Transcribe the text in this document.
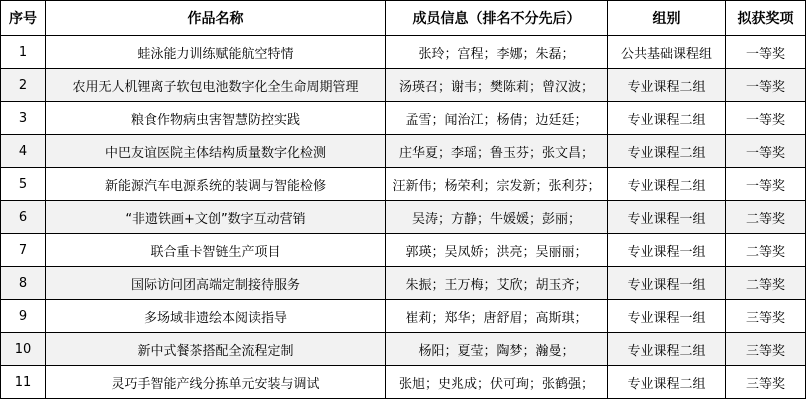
序号	作品名称	成员信息（排名不分先后）	组别	拟获奖项
1	蛙泳能力训练赋能航空特情	张玲；宫程；李娜；朱磊；	公共基础课程组	一等奖
2	农用无人机锂离子软包电池数字化全生命周期管理	汤瑛召；谢韦；樊陈莉；曾汉波；	专业课程二组	一等奖
3	粮食作物病虫害智慧防控实践	孟雪；闻治江；杨倩；边廷廷；	专业课程二组	一等奖
4	中巴友谊医院主体结构质量数字化检测	庄华夏；李瑶；鲁玉芬；张文昌；	专业课程二组	一等奖
5	新能源汽车电源系统的装调与智能检修	汪新伟；杨荣利；宗发新；张利芬；	专业课程二组	一等奖
6	“非遗铁画+文创”数字互动营销	吴涛；方静；牛媛媛；彭丽；	专业课程一组	二等奖
7	联合重卡智链生产项目	郭瑛；吴凤娇；洪亮；吴丽丽；	专业课程一组	二等奖
8	国际访问团高端定制接待服务	朱振；王万梅；艾欣；胡玉齐；	专业课程一组	二等奖
9	多场域非遗绘本阅读指导	崔莉；郑华；唐舒眉；高斯琪；	专业课程一组	三等奖
10	新中式餐茶搭配全流程定制	杨阳；夏莹；陶梦；瀚曼；	专业课程二组	三等奖
11	灵巧手智能产线分拣单元安装与调试	张旭；史兆成；伏可珣；张鹤强；	专业课程二组	三等奖
